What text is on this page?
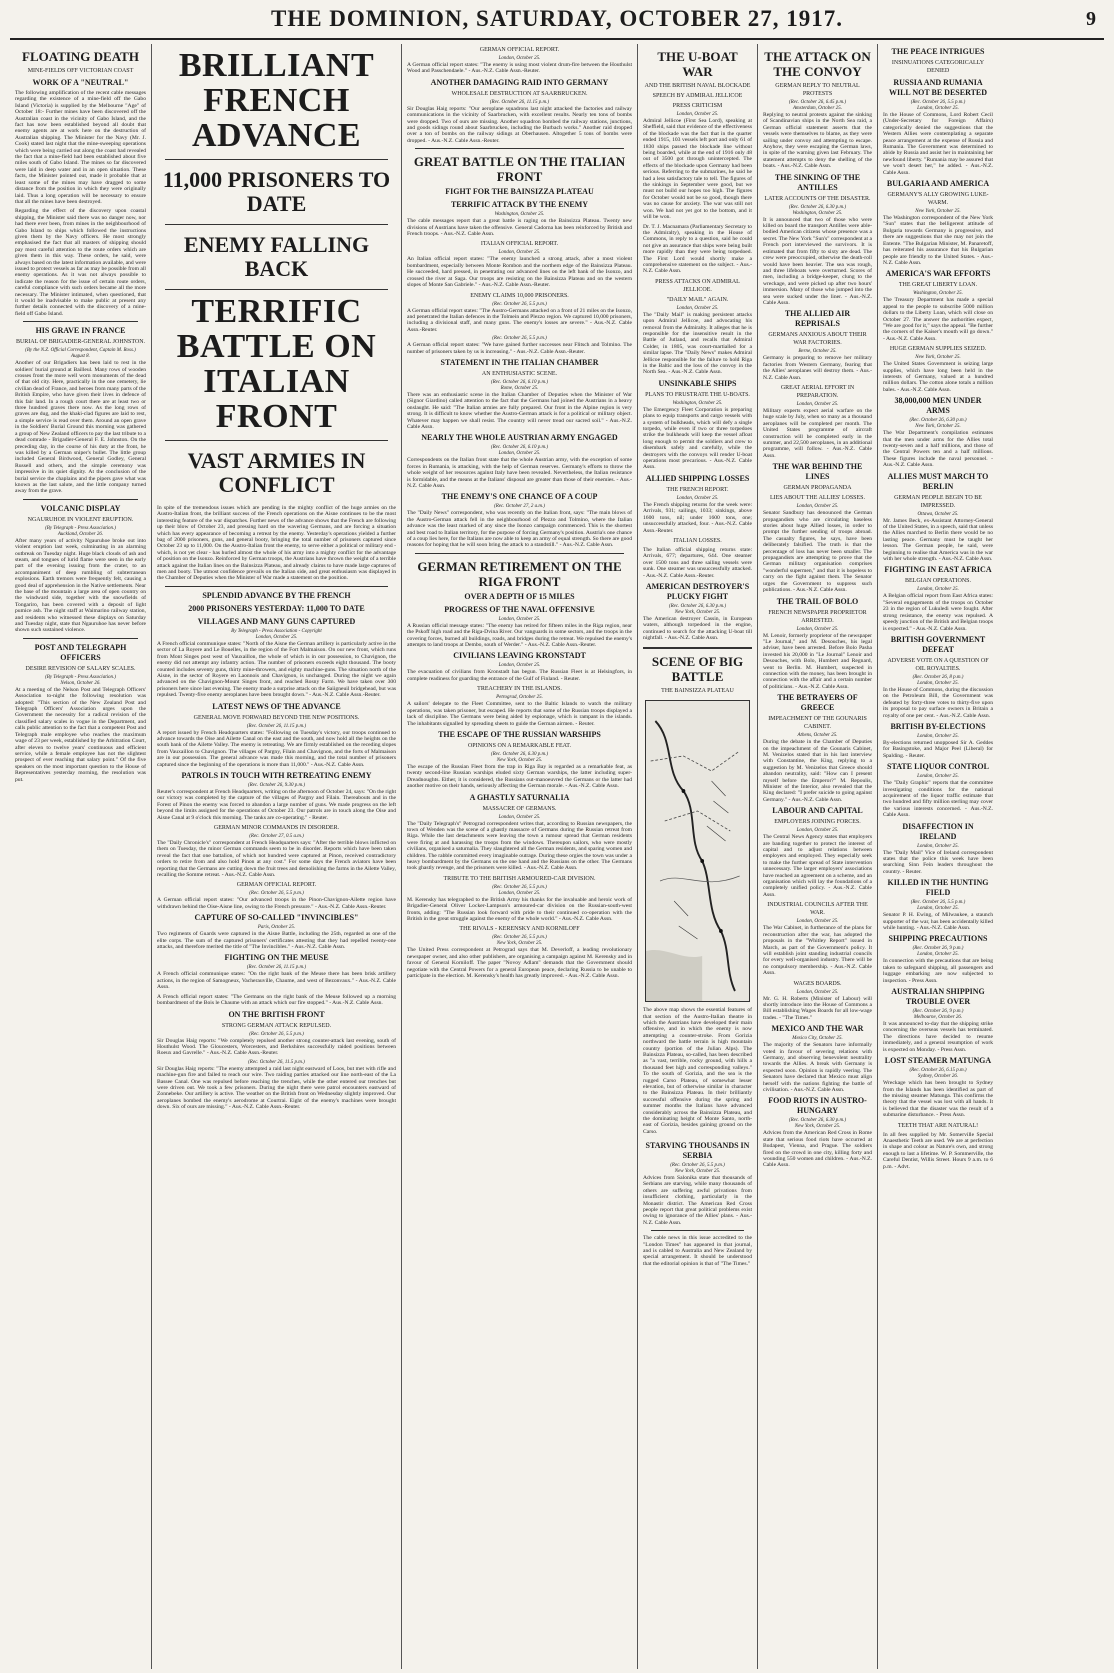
THE DOMINION, SATURDAY, OCTOBER 27, 1917.	9
FLOATING DEATH
MINE-FIELDS OFF VICTORIAN COAST
WORK OF A "NEUTRAL"

The following amplification of the recent cable messages regarding the existence of a mine-field off the Gabo Island (Victoria) is supplied by the Melbourne "Age" of October 18:- Further mines have been discovered off the Australian coast in the vicinity of Gabo Island, and the fact has now been established beyond all doubt that enemy agents are at work here on the destruction of Australian shipping. The Minister for the Navy (Mr. J. Cook) stated last night that the mine-sweeping operations which were being carried out along the coast had revealed the fact that a mine-field had been established about five miles south of Gabo Island. The mines so far discovered were laid in deep water and in an open situation. These facts, the Minister pointed out, made it probable that at least some of the mines may have dragged to some distance from the position in which they were originally laid. Thus a long operation will be necessary to ensure that all the mines have been destroyed.

Regarding the effect of the discovery upon coastal shipping, the Minister said there was no danger now, nor had there ever been, from mines in the neighbourhood of Gabo Island to ships which followed the instructions given them by the Navy officers. He most strongly emphasised the fact that all masters of shipping should pay most careful attention to the route orders which are given them in this way. These orders, he said, were always based on the latest information available, and were issued to protect vessels as far as may be possible from all enemy operations. As it was not always possible to indicate the reason for the issue of certain route orders, careful compliance with such orders became all the more necessary. The Minister intimated, when questioned, that it would be inadvisable to make public at present any further details connected with the discovery of a mine-field off Gabo Island.

HIS GRAVE IN FRANCE
BURIAL OF BRIGADIER-GENERAL JOHNSTON.
(By the N.Z. Official Correspondent, Captain M. Ross.)
August 8.

Another of our Brigadiers has been laid to rest in the soldiers' burial ground at Bailleul. Many rows of wooden crosses front the more well worn monuments of the dead of that old city. Here, practically in the one cemetery, lie civilian dead of France, and heroes from many parts of the British Empire, who have given their lives in defence of this fair land. In a rough court there are at least two or three hundred graves there now. As the long rows of graves are dug, and the khaki-clad figures are laid to rest, a simple service is read over them. Around an open grave in the Soldiers' Burial Ground this morning was gathered a group of New Zealand officers to pay the last tribute to a dead comrade - Brigadier-General F. E. Johnston. On the preceding day, in the course of his duty at the front, he was killed by a German sniper's bullet. The little group included General Birdwood, General Godley, General Russell and others, and the simple ceremony was impressive in its quiet dignity. At the conclusion of the burial service the chaplains and the pipers gave what was known as the last salute, and the little company turned away from the grave.

VOLCANIC DISPLAY
NGAURUHOE IN VIOLENT ERUPTION.
(By Telegraph - Press Association.)
Auckland, October 26.

After many years of activity Ngauruhoe broke out into violent eruption last week, culminating in an alarming outbreak on Tuesday night. Huge black clouds of ash and steam, and tongues of lurid flame were seen in the early part of the evening issuing from the crater, to an accompaniment of deep rumbling of subterranean explosions. Earth tremors were frequently felt, causing a good deal of apprehension in the Native settlements. Near the base of the mountain a large area of open country on the windward side, together with the snowfields of Tongariro, has been covered with a deposit of light pumice ash. The night staff at Waimarino railway station, and residents who witnessed these displays on Saturday and Tuesday night, state that Ngauruhoe has never before shown such sustained violence.

POST AND TELEGRAPH OFFICERS
DESIRE REVISION OF SALARY SCALES.
(By Telegraph - Press Association.)
Nelson, October 26.

At a meeting of the Nelson Post and Telegraph Officers' Association to-night the following resolution was adopted: "This section of the New Zealand Post and Telegraph Officers' Association urges upon the Government the necessity for a radical revision of the classified salary scales in vogue in the Department, and calls public attention to the fact that a competent Post and Telegraph male employee who reaches the maximum wage of 23 per week, established by the Arbitration Court, after eleven to twelve years' continuous and efficient service, while a female employee has not the slightest prospect of ever reaching that salary point." Of the five speakers on the most important question to the House of Representatives yesterday morning, the resolution was put.

BRILLIANT FRENCH ADVANCE
11,000 PRISONERS TO DATE
ENEMY FALLING BACK
TERRIFIC BATTLE ON ITALIAN FRONT
VAST ARMIES IN CONFLICT

In spite of the tremendous issues which are pending in the mighty conflict of the huge armies on the Austro-Italian front, the brilliant success of the French operations on the Aisne continues to be the most interesting feature of the war dispatches. Further news of the advance shows that the French are following up their blow of October 23, and pressing hard on the wavering Germans, and are forcing a situation which has every appearance of becoming a retreat by the enemy. Yesterday's operations yielded a further bag of 2000 prisoners, guns, and general booty, bringing the total number of prisoners captured since October 23 up to 11,000. On the Austro-Italian front the enemy, to serve either a political or military end - which, is not yet clear - has hurled almost the whole of his army into a mighty conflict for the advantage of position on the Isonzo. Reinforced by German troops, the Austrians have thrown the weight of a terrible attack against the Italian lines on the Bainsizza Plateau, and already claims to have made large captures of men and booty. The utmost confidence prevails on the Italian side, and great enthusiasm was displayed in the Chamber of Deputies when the Minister of War made a statement on the position.

SPLENDID ADVANCE BY THE FRENCH
2000 PRISONERS YESTERDAY: 11,000 TO DATE
VILLAGES AND MANY GUNS CAPTURED
By Telegraph - Press Association - Copyright
London, October 25.

A French official communique states: "North of the Aisne the German artillery is particularly active in the sector of La Royere and Le Bouelles, in the region of the Fort Malmaison. On our new front, which runs from Mont Singes post west of Vauxaillon, the whole of which is in our possession, to Chavignon, the enemy did not attempt any infantry action. The number of prisoners exceeds eight thousand. The booty counted includes seventy guns, thirty mine-throwers, and eighty machine-guns. The situation north of the Aisne, in the sector of Royere en Laonnois and Chavignon, is unchanged. During the night we again advanced on the Chavignon-Mount Singes front, and reached Rosny Farm. We have taken over 300 prisoners here since last evening. The enemy made a surprise attack on the Saiigneuil bridgehead, but was repulsed. Twenty-five enemy aeroplanes have been brought down." - Aus.-N.Z. Cable Assn.-Reuter.

LATEST NEWS OF THE ADVANCE
GENERAL MOVE FORWARD BEYOND THE NEW POSITIONS.
(Rec. October 26, 11.15 p.m.)

A report issued by French Headquarters states: "Following on Tuesday's victory, our troops continued to advance towards the Oise and Ailette Canal on the east and the south, and now hold all the heights on the south bank of the Ailette Valley. The enemy is retreating. We are firmly established on the receding slopes from Vauxaillon to Chavignon. The villages of Pargny, Filain and Chavignon, and the forts of Malmaison are in our possession. The general advance was made this morning, and the total number of prisoners captured since the beginning of the operations is more than 11,000." - Aus.-N.Z. Cable Assn.

PATROLS IN TOUCH WITH RETREATING ENEMY
(Rec. October 26, 9.30 p.m.)

Reuter's correspondent at French Headquarters, writing on the afternoon of October 24, says: "On the right our victory was completed by the capture of the villages of Pargny and Filain. Thereabouts and in the Forest of Pinon the enemy was forced to abandon a large number of guns. We made progress on the left beyond the limits assigned for the operations of October 23. Our patrols are in touch along the Oise and Aisne Canal at 9 o'clock this morning. The tanks are co-operating." - Reuter.

GERMAN MINOR COMMANDS IN DISORDER.
(Rec. October 27, 0.5 a.m.)

The "Daily Chronicle's" correspondent at French Headquarters says: "After the terrible blows inflicted on them on Tuesday, the minor German commands seem to be in disorder. Reports which have been taken reveal the fact that one battalion, of which not hundred were captured at Pinon, received contradictory orders to retire from and also hold Pinon at any cost." For some days the French aviators have been reporting that the Germans are cutting down the fruit trees and demolishing the farms in the Ailette Valley, recalling the Somme retreat. - Aus.-N.Z. Cable Assn.

GERMAN OFFICIAL REPORT.
(Rec. October 26, 5.5 p.m.)

A German official report states: "Our advanced troops in the Pinon-Chavignon-Ailette region have withdrawn behind the Oise-Aisne line, owing to the French pressure." - Aus.-N.Z. Cable Assn.-Reuter.

CAPTURE OF SO-CALLED "INVINCIBLES"
Paris, October 25.

Two regiments of Guards were captured in the Aisne Battle, including the 25th, regarded as one of the elite corps. The sum of the captured prisoners' certificates attesting that they had repelled twenty-one attacks, and therefore merited the title of "The Invincibles." - Aus.-N.Z. Cable Assn.

FIGHTING ON THE MEUSE
(Rec. October 26, 11.15 p.m.)

A French official communique states: "On the right bank of the Meuse there has been brisk artillery actions, in the region of Samogneux, Vacherauville, Chaume, and west of Bezonvaux." - Aus.-N.Z. Cable Assn.

A French official report states: "The Germans on the right bank of the Meuse followed up a morning bombardment of the Bois le Chaume with an attack which our fire stopped." - Aus.-N.Z. Cable Assn.

ON THE BRITISH FRONT
STRONG GERMAN ATTACK REPULSED.
(Rec. October 26, 5.5 p.m.)

Sir Douglas Haig reports: "We completely repulsed another strong counter-attack last evening, south of Houthulst Wood. The Gloucesters, Worcesters, and Berkshires successfully raided positions between Roeux and Gavrelle." - Aus.-N.Z. Cable Assn.-Reuter.

(Rec. October 26, 11.5 p.m.)

Sir Douglas Haig reports: "The enemy attempted a raid last night eastward of Loos, but met with rifle and machine-gun fire and failed to reach our wire. Two raiding parties attacked our line north-east of the La Bassee Canal. One was repulsed before reaching the trenches, while the other entered our trenches but were driven out. We took a few prisoners. During the night there were patrol encounters eastward of Zonnebeke. Our artillery is active. The weather on the British front on Wednesday slightly improved. Our aeroplanes bombed the enemy's aerodrome at Courtrai. Eight of the enemy's machines were brought down. Six of ours are missing." - Aus.-N.Z. Cable Assn.-Reuter.

GERMAN OFFICIAL REPORT.
London, October 25.

A German official report states: "The enemy is using most violent drum-fire between the Houthulst Wood and Passchendaele." - Aus.-N.Z. Cable Assn.-Reuter.

ANOTHER DAMAGING RAID INTO GERMANY
WHOLESALE DESTRUCTION AT SAARBRUCKEN.
(Rec. October 26, 11.15 p.m.)

Sir Douglas Haig reports: "Our aeroplane squadrons last night attacked the factories and railway communications in the vicinity of Saarbrucken, with excellent results. Nearly ten tons of bombs were dropped. Two of ours are missing. Another squadron bombed the railway stations, junctions, and goods sidings round about Saarbrucken, including the Burbach works." Another raid dropped over a ton of bombs on the railway sidings at Oberhausen. Altogether 5 tons of bombs were dropped. - Aus.-N.Z. Cable Assn.-Reuter.

GREAT BATTLE ON THE ITALIAN FRONT
FIGHT FOR THE BAINSIZZA PLATEAU
TERRIFIC ATTACK BY THE ENEMY
Washington, October 25.

The cable messages report that a great battle is raging on the Bainsizza Plateau. Twenty new divisions of Austrians have taken the offensive. General Cadorna has been reinforced by British and French troops. - Aus.-N.Z. Cable Assn.

ITALIAN OFFICIAL REPORT.
London, October 25.

An Italian official report states: "The enemy launched a strong attack, after a most violent bombardment, especially between Monte Rombon and the northern edge of the Bainsizza Plateau. He succeeded, hard pressed, in penetrating our advanced lines on the left bank of the Isonzo, and crossed the river at Saga. Our troops are resisting on the Bainsizza Plateau and on the western slopes of Monte San Gabriele." - Aus.-N.Z. Cable Assn.-Reuter.

ENEMY CLAIMS 10,000 PRISONERS.
(Rec. October 26, 5.5 p.m.)

A German official report states: "The Austro-Germans attacked on a front of 21 miles on the Isonzo, and penetrated the Italian defences in the Tolmein and Plezzo region. We captured 10,000 prisoners, including a divisional staff, and many guns. The enemy's losses are severe." - Aus.-N.Z. Cable Assn.-Reuter.

(Rec. October 26, 5.5 p.m.)

A German official report states: "We have gained further successes near Flitsch and Tolmino. The number of prisoners taken by us is increasing." - Aus.-N.Z. Cable Assn.-Reuter.

STATEMENT IN THE ITALIAN CHAMBER
AN ENTHUSIASTIC SCENE.
(Rec. October 26, 6.10 p.m.)
Rome, October 25.

There was an enthusiastic scene in the Italian Chamber of Deputies when the Minister of War (Signor Giardino) called attention to the fact that the Germans had joined the Austrians in a heavy onslaught. He said: "The Italian armies are fully prepared. Our front in the Alpine region is very strong. It is difficult to know whether the Austro-German attack is for a political or military object. Whatever may happen we shall resist. The country will never tread our sacred soil." - Aus.-N.Z. Cable Assn.

NEARLY THE WHOLE AUSTRIAN ARMY ENGAGED
(Rec. October 26, 6.10 p.m.)
London, October 25.

Correspondents on the Italian front state that the whole Austrian army, with the exception of some forces in Rumania, is attacking, with the help of German reserves. Germany's efforts to throw the whole weight of her resources against Italy have been revealed. Nevertheless, the Italian resistance is formidable, and the means at the Italians' disposal are greater than those of their enemies. - Aus.-N.Z. Cable Assn.

THE ENEMY'S ONE CHANCE OF A COUP
(Rec. October 27, 2 a.m.)

The "Daily News" correspondent, who was recently on the Italian front, says: "The main blows of the Austro-German attack fell in the neighbourhood of Plezzo and Tolmino, where the Italian advance was the least marked of any since the Isonzo campaign commenced. This is the shortest and best road to Italian territory, for the purpose of forcing Germany's position. Austria's one chance of a coup lies here, for the Italians are now able to keep an army of equal strength. So there are good reasons for hoping that he will soon bring the attack to a standstill." - Aus.-N.Z. Cable Assn.

GERMAN RETIREMENT ON THE RIGA FRONT
OVER A DEPTH OF 15 MILES
PROGRESS OF THE NAVAL OFFENSIVE
London, October 25.

A Russian official message states: "The enemy has retired for fifteen miles in the Riga region, near the Pskoff high road and the Riga-Dvina River. Our vanguards in some sectors, and the troops in the covering forces, burned all buildings, roads, and bridges during the retreat. We repulsed the enemy's attempts to land troops at Dembo, south of Werder." - Aus.-N.Z. Cable Assn.-Reuter.

CIVILIANS LEAVING KRONSTADT
London, October 25.

The evacuation of civilians from Kronstadt has begun. The Russian Fleet is at Helsingfors, in complete readiness for guarding the entrance of the Gulf of Finland. - Reuter.

TREACHERY IN THE ISLANDS.
Petrograd, October 25.

A sailors' delegate to the Fleet Committee, sent to the Baltic Islands to watch the military operations, was taken prisoner, but escaped. He reports that some of the Russian troops displayed a lack of discipline. The Germans were being aided by espionage, which is rampant in the islands. The inhabitants signalled by spreading sheets to guide the German airmen. - Reuter.

THE ESCAPE OF THE RUSSIAN WARSHIPS
OPINIONS ON A REMARKABLE FEAT.
(Rec. October 26, 6.30 p.m.)
New York, October 25.

The escape of the Russian Fleet from the trap in Riga Bay is regarded as a remarkable feat, as twenty second-line Russian warships eluded sixty German warships, the latter including super-Dreadnoughts. Either, it is considered, the Russians out-manoeuvred the Germans or the latter had another motive on their hands, seriously affecting the German morale. - Aus.-N.Z. Cable Assn.

A GHASTLY SATURNALIA
MASSACRE OF GERMANS.
London, October 25.

The "Daily Telegraph's" Petrograd correspondent writes that, according to Russian newspapers, the town of Wenden was the scene of a ghastly massacre of Germans during the Russian retreat from Riga. While the last detachments were leaving the town a rumour spread that German residents were firing at and harassing the troops from the windows. Thereupon sailors, who were mostly civilians, organised a saturnalia. They slaughtered all the German residents, and sparing women and children. The rabble committed every imaginable outrage. During these orgies the town was under a heavy bombardment by the Germans on the one hand and the Russians on the other. The Germans took ghastly revenge, and the prisoners were killed. - Aus.-N.Z. Cable Assn.

TRIBUTE TO THE BRITISH ARMOURED-CAR DIVISION.
(Rec. October 26, 5.5 p.m.)
London, October 25.

M. Kerensky has telegraphed to the British Army his thanks for the invaluable and heroic work of Brigadier-General Oliver Locker-Lampson's armoured-car division on the Russian-south-west fronts, adding: "The Russian look forward with pride to their continued co-operation with the British in the great struggle against the enemy of the whole world." - Aus.-N.Z. Cable Assn.

THE RIVALS - KERENSKY AND KORNILOFF
(Rec. October 26, 5.5 p.m.)
New York, October 25.

The United Press correspondent at Petrograd says that M. Deverloff, a leading revolutionary newspaper owner, and also other publishers, are organising a campaign against M. Kerensky and in favour of General Korniloff. The paper "Novoy Adlam" demands that the Government should negotiate with the Central Powers for a general European peace, declaring Russia to be unable to participate in the election. M. Kerensky's health has greatly improved. - Aus.-N.Z. Cable Assn.

THE U-BOAT WAR
AND THE BRITISH NAVAL BLOCKADE
SPEECH BY ADMIRAL JELLICOE
PRESS CRITICISM
London, October 25.

Admiral Jellicoe (First Sea Lord), speaking at Sheffield, said that evidence of the effectiveness of the blockade was the fact that in the quarter ended 1915, 103 vessels left port and only 61 of 1830 ships passed the blockade line without being boarded, while at the end of 1916 only 48 out of 3500 got through unintercepted. The effects of the blockade upon Germany had been serious. Referring to the submarines, he said he had a less satisfactory tale to tell. The figures of the sinkings in September were good, but we must not build our hopes too high. The figures for October would not be so good, though there was no cause for anxiety. The war was still not won. We had not yet got to the bottom, and it will be won.

Dr. T. J. Macnamara (Parliamentary Secretary to the Admiralty), speaking in the House of Commons, in reply to a question, said he could not give an assurance that ships were being built more rapidly than they were being torpedoed. The First Lord would shortly make a comprehensive statement on the subject. - Aus.-N.Z. Cable Assn.

PRESS ATTACKS ON ADMIRAL JELLICOE.
"DAILY MAIL" AGAIN.
London, October 25.

The "Daily Mail" is making persistent attacks upon Admiral Jellicoe, and advocating his removal from the Admiralty. It alleges that he is responsible for the insensitive result in the Battle of Jutland, and recalls that Admiral Colder, in 1805, was court-martialled for a similar lapse. The "Daily News" makes Admiral Jellicoe responsible for the failure to hold Riga in the Baltic and the loss of the convoy in the North Sea. - Aus.-N.Z. Cable Assn.

UNSINKABLE SHIPS
PLANS TO FRUSTRATE THE U-BOATS.
Washington, October 25.

The Emergency Fleet Corporation is preparing plans to equip transports and cargo vessels with a system of bulkheads, which will defy a single torpedo, while even if two or three torpedoes strike the bulkheads will keep the vessel afloat long enough to permit the soldiers and crew to disembark safely and carefully, while the destroyers with the convoys will render U-boat operations most precarious. - Aus.-N.Z. Cable Assn.

ALLIED SHIPPING LOSSES
THE FRENCH REPORT.
London, October 25.

The French shipping returns for the week were: Arrivals, 931; sailings, 1033; sinkings, above 1600 tons, nil; under 1600 tons, one; unsuccessfully attacked, four. - Aus.-N.Z. Cable Assn.-Reuter.

ITALIAN LOSSES.

The Italian official shipping returns state: Arrivals, 677; departures, 644. One steamer over 1500 tons and three sailing vessels were sunk. One steamer was unsuccessfully attacked. - Aus.-N.Z. Cable Assn.-Reuter.

AMERICAN DESTROYER'S PLUCKY FIGHT
(Rec. October 26, 6.30 p.m.)
New York, October 25.

The American destroyer Cassin, in European waters, although torpedoed in the engine, continued to search for the attacking U-boat till nightfall. - Aus.-N.Z. Cable Assn.

SCENE OF BIG BATTLE
THE BAINSIZZA PLATEAU

The above map shows the essential features of that section of the Austro-Italian theatre in which the Austrians have developed their main offensive, and in which the enemy is now attempting a counter-stroke. From Gorizia northward the battle terrain is high mountain country (portion of the Julian Alps). The Bainsizza Plateau, so-called, has been described as "a vast, terrible, rocky ground, with hills a thousand feet high and corresponding valleys." To the south of Gorizia, and the sea is the rugged Carso Plateau, of somewhat lesser elevation, but of otherwise similar in character to the Bainsizza Plateau. In their brilliantly successful offensive during the spring and summer months the Italians have advanced considerably across the Bainsizza Plateau, and the dominating height of Monte Santo, north-east of Gorizia, besides gaining ground on the Carso.

STARVING THOUSANDS IN SERBIA
(Rec. October 26, 5.5 p.m.)
New York, October 25.

Advices from Salonika state that thousands of Serbians are starving, while many thousands of others are suffering awful privations from insufficient clothing, particularly in the Monastir district. The American Red Cross people report that great political problems exist owing to ignorance of the Allies' plans. - Aus.-N.Z. Cable Assn.

The cable news in this issue accredited to the "London Times" has appeared in that journal, and is cabled to Australia and New Zealand by special arrangement. It should be understood that the editorial opinion is that of "The Times."

THE ATTACK ON THE CONVOY
GERMAN REPLY TO NEUTRAL PROTESTS
(Rec. October 26, 6.45 p.m.)
Amsterdam, October 25.

Replying to neutral protests against the sinking of Scandinavian ships in the North Sea raid, a German official statement asserts that the vessels were themselves to blame, as they were sailing under convoy and attempting to escape. Anyhow, they were escaping the German laws, in spite of the warning given last February. The statement attempts to deny the shelling of the boats. - Aus.-N.Z. Cable Assn.

THE SINKING OF THE ANTILLES
LATER ACCOUNTS OF THE DISASTER.
(Rec. October 26, 6.30 p.m.)
Washington, October 25.

It is announced that two of those who were killed on board the transport Antilles were able-bodied American citizens whose presence was a secret. The New York "Sun's" correspondent at a French port interviewed the survivors. It is estimated that from fifty to sixty are dead. The crew were preoccupied, otherwise the death-roll would have been heavier. The sea was rough, and three lifeboats were overturned. Scores of men, including a bridge-keeper, clung to the wreckage, and were picked up after two hours' immersion. Many of those who jumped into the sea were sucked under the liner. - Aus.-N.Z. Cable Assn.

THE ALLIED AIR REPRISALS
GERMANS ANXIOUS ABOUT THEIR WAR FACTORIES.
Berne, October 25.

Germany is preparing to remove her military factories from Western Germany, fearing that the Allies' aeroplanes will destroy them. - Aus.-N.Z. Cable Assn.

GREAT AERIAL EFFORT IN PREPARATION.
London, October 25.

Military experts expect aerial warfare on the huge scale by July, when so many as a thousand aeroplanes will be completed per month. The United States programme of aircraft construction will be completed early in the summer, and 22,500 aeroplanes, in an additional programme, will follow. - Aus.-N.Z. Cable Assn.

THE WAR BEHIND THE LINES
GERMAN PROPAGANDA
LIES ABOUT THE ALLIES' LOSSES.
London, October 25.

Senator Sandbury has denounced the German propagandists who are circulating baseless stories about huge Allied losses, in order to prompt the further sending of troops abroad. The casualty figures, he says, have been deliberately falsified. The truth is that the percentage of loss has never been smaller. The propagandists are attempting to prove that the German military organisation comprises "wonderful supermen," and that it is hopeless to carry on the fight against them. The Senator urges the Government to suppress such publications. - Aus.-N.Z. Cable Assn.

THE TRAIL OF BOLO
FRENCH NEWSPAPER PROPRIETOR ARRESTED.
London, October 25.

M. Lenoir, formerly proprietor of the newspaper "Le Journal," and M. Desouches, his legal adviser, have been arrested. Before Bolo Pasha invested his 20,000 in "Le Journal" Lenoir and Desouches, with Bolo, Humbert and Regnard, went to Berlin. M. Humbert, suspected in connection with the money, has been brought in connection with the affair and a certain number of politicians. - Aus.-N.Z. Cable Assn.

THE BETRAYERS OF GREECE
IMPEACHMENT OF THE GOUNARIS CABINET.
Athens, October 25.

During the debate in the Chamber of Deputies on the impeachment of the Gounaris Cabinet, M. Venizelos stated that in his last interview with Constantine, the King, replying to a suggestion by M. Venizelos that Greece should abandon neutrality, said: "How can I present myself before the Emperor?" M. Repoulis, Minister of the Interior, also revealed that the King declared: "I prefer suicide to going against Germany." - Aus.-N.Z. Cable Assn.

LABOUR AND CAPITAL
EMPLOYERS JOINING FORCES.
London, October 25.

The Central News Agency states that employers are banding together to protect the interest of capital and to adjust relations between employers and employed. They especially seek to make the further spread of State intervention unnecessary. The larger employers' associations have reached an agreement on a scheme, and an organisation which will lay the foundations of a completely unified policy. - Aus.-N.Z. Cable Assn.

INDUSTRIAL COUNCILS AFTER THE WAR.
London, October 25.

The War Cabinet, in furtherance of the plans for reconstruction after the war, has adopted the proposals in the "Whitley Report" issued in March, as part of the Government's policy. It will establish joint standing industrial councils for every well-organised industry. There will be no compulsory membership. - Aus.-N.Z. Cable Assn.

WAGES BOARDS.
London, October 25.

Mr. G. H. Roberts (Minister of Labour) will shortly introduce into the House of Commons a Bill establishing Wages Boards for all low-wage trades. - "The Times."

MEXICO AND THE WAR
Mexico City, October 25.

The majority of the Senators have informally voted in favour of severing relations with Germany, and observing benevolent neutrality towards the Allies. A break with Germany is expected soon. Opinion is rapidly veering. The Senators have declared that Mexico must align herself with the nations fighting the battle of civilisation. - Aus.-N.Z. Cable Assn.

FOOD RIOTS IN AUSTRO-HUNGARY
(Rec. October 26, 6.30 p.m.)
New York, October 25.

Advices from the American Red Cross in Rome state that serious food riots have occurred at Budapest, Vienna, and Prague. The soldiers fired on the crowd in one city, killing forty and wounding 550 women and children. - Aus.-N.Z. Cable Assn.

THE PEACE INTRIGUES
INSINUATIONS CATEGORICALLY DENIED
RUSSIA AND RUMANIA WILL NOT BE DESERTED
(Rec. October 26, 5.5 p.m.)
London, October 25.

In the House of Commons, Lord Robert Cecil (Under-Secretary for Foreign Affairs) categorically denied the suggestions that the Western Allies were contemplating a separate peace arrangement at the expense of Russia and Rumania. The Government was determined to abide by Russia and assist her in maintaining her newfound liberty. "Rumania may be assured that we won't desert her," he added. - Aus.-N.Z. Cable Assn.

BULGARIA AND AMERICA
GERMANY'S ALLY GROWING LUKE-WARM.
New York, October 25.

The Washington correspondent of the New York "Sun" states that the belligerent attitude of Bulgaria towards Germany is progressive, and there are suggestions that she may not join the Entente. "The Bulgarian Minister, M. Panaretoff, has reiterated his assurance that his Bulgarian people are friendly to the United States. - Aus.-N.Z. Cable Assn.

AMERICA'S WAR EFFORTS
THE GREAT LIBERTY LOAN.
Washington, October 25.

The Treasury Department has made a special appeal to the people to subscribe 5000 million dollars to the Liberty Loan, which will close on October 27. The answer the authorities expect, "We are good for it," says the appeal. "Be further the corners of the Kaiser's mouth will go down." - Aus.-N.Z. Cable Assn.

HUGE GERMAN SUPPLIES SEIZED.
New York, October 25.

The United States Government is seizing large supplies, which have long been held in the interests of Germany, valued at a hundred million dollars. The cotton alone totals a million bales. - Aus.-N.Z. Cable Assn.

38,000,000 MEN UNDER ARMS
(Rec. October 26, 6.30 p.m.)
New York, October 25.

The War Department's compilation estimates that the men under arms for the Allies total twenty-seven and a half millions, and those of the Central Powers ten and a half millions. These figures include the naval personnel. - Aus.-N.Z. Cable Assn.

ALLIES MUST MARCH TO BERLIN
GERMAN PEOPLE BEGIN TO BE IMPRESSED.
Ottawa, October 25.

Mr. James Beck, ex-Assistant Attorney-General of the United States, in a speech, said that unless the Allies marched to Berlin there would be no lasting peace. Germany must be taught her lesson. The German people, he said, were beginning to realise that America was in the war with her whole strength. - Aus.-N.Z. Cable Assn.

FIGHTING IN EAST AFRICA
BELGIAN OPERATIONS.
London, October 25.

A Belgian official report from East Africa states: "Several engagements of the troops on October 23 in the region of Lukuledi were fought. After strong resistance, the enemy was repulsed. A speedy junction of the British and Belgian troops is expected." - Aus.-N.Z. Cable Assn.

BRITISH GOVERNMENT DEFEAT
ADVERSE VOTE ON A QUESTION OF OIL ROYALTIES.
(Rec. October 26, 8 p.m.)
London, October 25.

In the House of Commons, during the discussion on the Petroleum Bill, the Government was defeated by forty-three votes to thirty-five upon its proposal to pay surface owners in Britain a royalty of one per cent. - Aus.-N.Z. Cable Assn.

BRITISH BY-ELECTIONS
London, October 25.

By-elections returned unopposed Sir A. Geddes for Basingstoke, and Major Peel (Liberal) for Spalding. - Reuter.

STATE LIQUOR CONTROL
London, October 25.

The "Daily Graphic" reports that the committee investigating conditions for the national acquirement of the liquor traffic estimate that two hundred and fifty million sterling may cover the various interests concerned. - Aus.-N.Z. Cable Assn.

DISAFFECTION IN IRELAND
London, October 25.

The "Daily Mail" Vice of Ireland correspondent states that the police this week have been searching Sinn Fein leaders throughout the country. - Reuter.

KILLED IN THE HUNTING FIELD
(Rec. October 26, 5.5 p.m.)
London, October 25.

Senator P. H. Ewing, of Milwaukee, a staunch supporter of the war, has been accidentally killed while hunting. - Aus.-N.Z. Cable Assn.

SHIPPING PRECAUTIONS
(Rec. October 26, 9 p.m.)
London, October 25.

In connection with the precautions that are being taken to safeguard shipping, all passengers and luggage embarking are now subjected to inspection. - Press Assn.

AUSTRALIAN SHIPPING TROUBLE OVER
(Rec. October 26, 9 p.m.)
Melbourne, October 26.

It was announced to-day that the shipping strike concerning the overseas vessels has terminated. The directions have decided to resume immediately, and a general resumption of work is expected on Monday. - Press Assn.

LOST STEAMER MATUNGA
(Rec. October 26, 6.15 p.m.)
Sydney, October 26.

Wreckage which has been brought to Sydney from the Islands has been identified as part of the missing steamer Matunga. This confirms the theory that the vessel was lost with all hands. It is believed that the disaster was the result of a submarine disturbance. - Press Assn.

TEETH THAT ARE NATURAL!

In all fees supplied by Mr. Somerville Special Anaesthetic Teeth are used. We are at perfection in shape and colour as Nature's own, and strong enough to last a lifetime. W. P. Sommerville, the Careful Dentist, Willis Street. Hours 9 a.m. to 6 p.m. - Advt.
